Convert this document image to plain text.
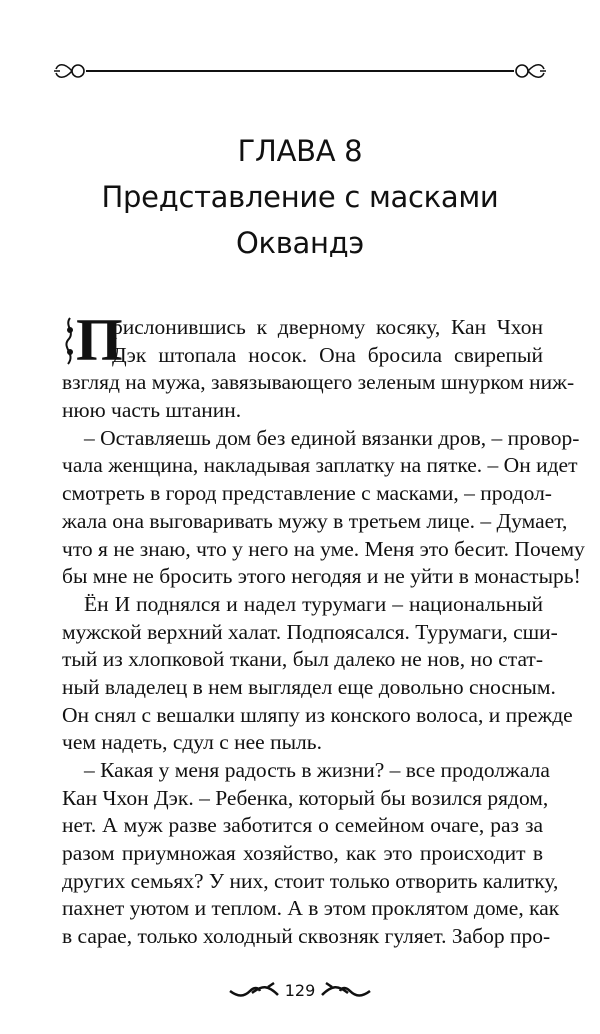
ГЛАВА 8
Представление с масками
Оквандэ
П
рислонившись к дверному косяку, Кан Чхон
Дэк штопала носок. Она бросила свирепый
взгляд на мужа, завязывающего зеленым шнурком ниж-
нюю часть штанин.
– Оставляешь дом без единой вязанки дров, – провор-
чала женщина, накладывая заплатку на пятке. – Он идет
смотреть в город представление с масками, – продол-
жала она выговаривать мужу в третьем лице. – Думает,
что я не знаю, что у него на уме. Меня это бесит. Почему
бы мне не бросить этого негодяя и не уйти в монастырь!
Ён И поднялся и надел турумаги – национальный
мужской верхний халат. Подпоясался. Турумаги, сши-
тый из хлопковой ткани, был далеко не нов, но стат-
ный владелец в нем выглядел еще довольно сносным.
Он снял с вешалки шляпу из конского волоса, и прежде
чем надеть, сдул с нее пыль.
– Какая у меня радость в жизни? – все продолжала
Кан Чхон Дэк. – Ребенка, который бы возился рядом,
нет. А муж разве заботится о семейном очаге, раз за
разом приумножая хозяйство, как это происходит в
других семьях? У них, стоит только отворить калитку,
пахнет уютом и теплом. А в этом проклятом доме, как
в сарае, только холодный сквозняк гуляет. Забор про-
129
